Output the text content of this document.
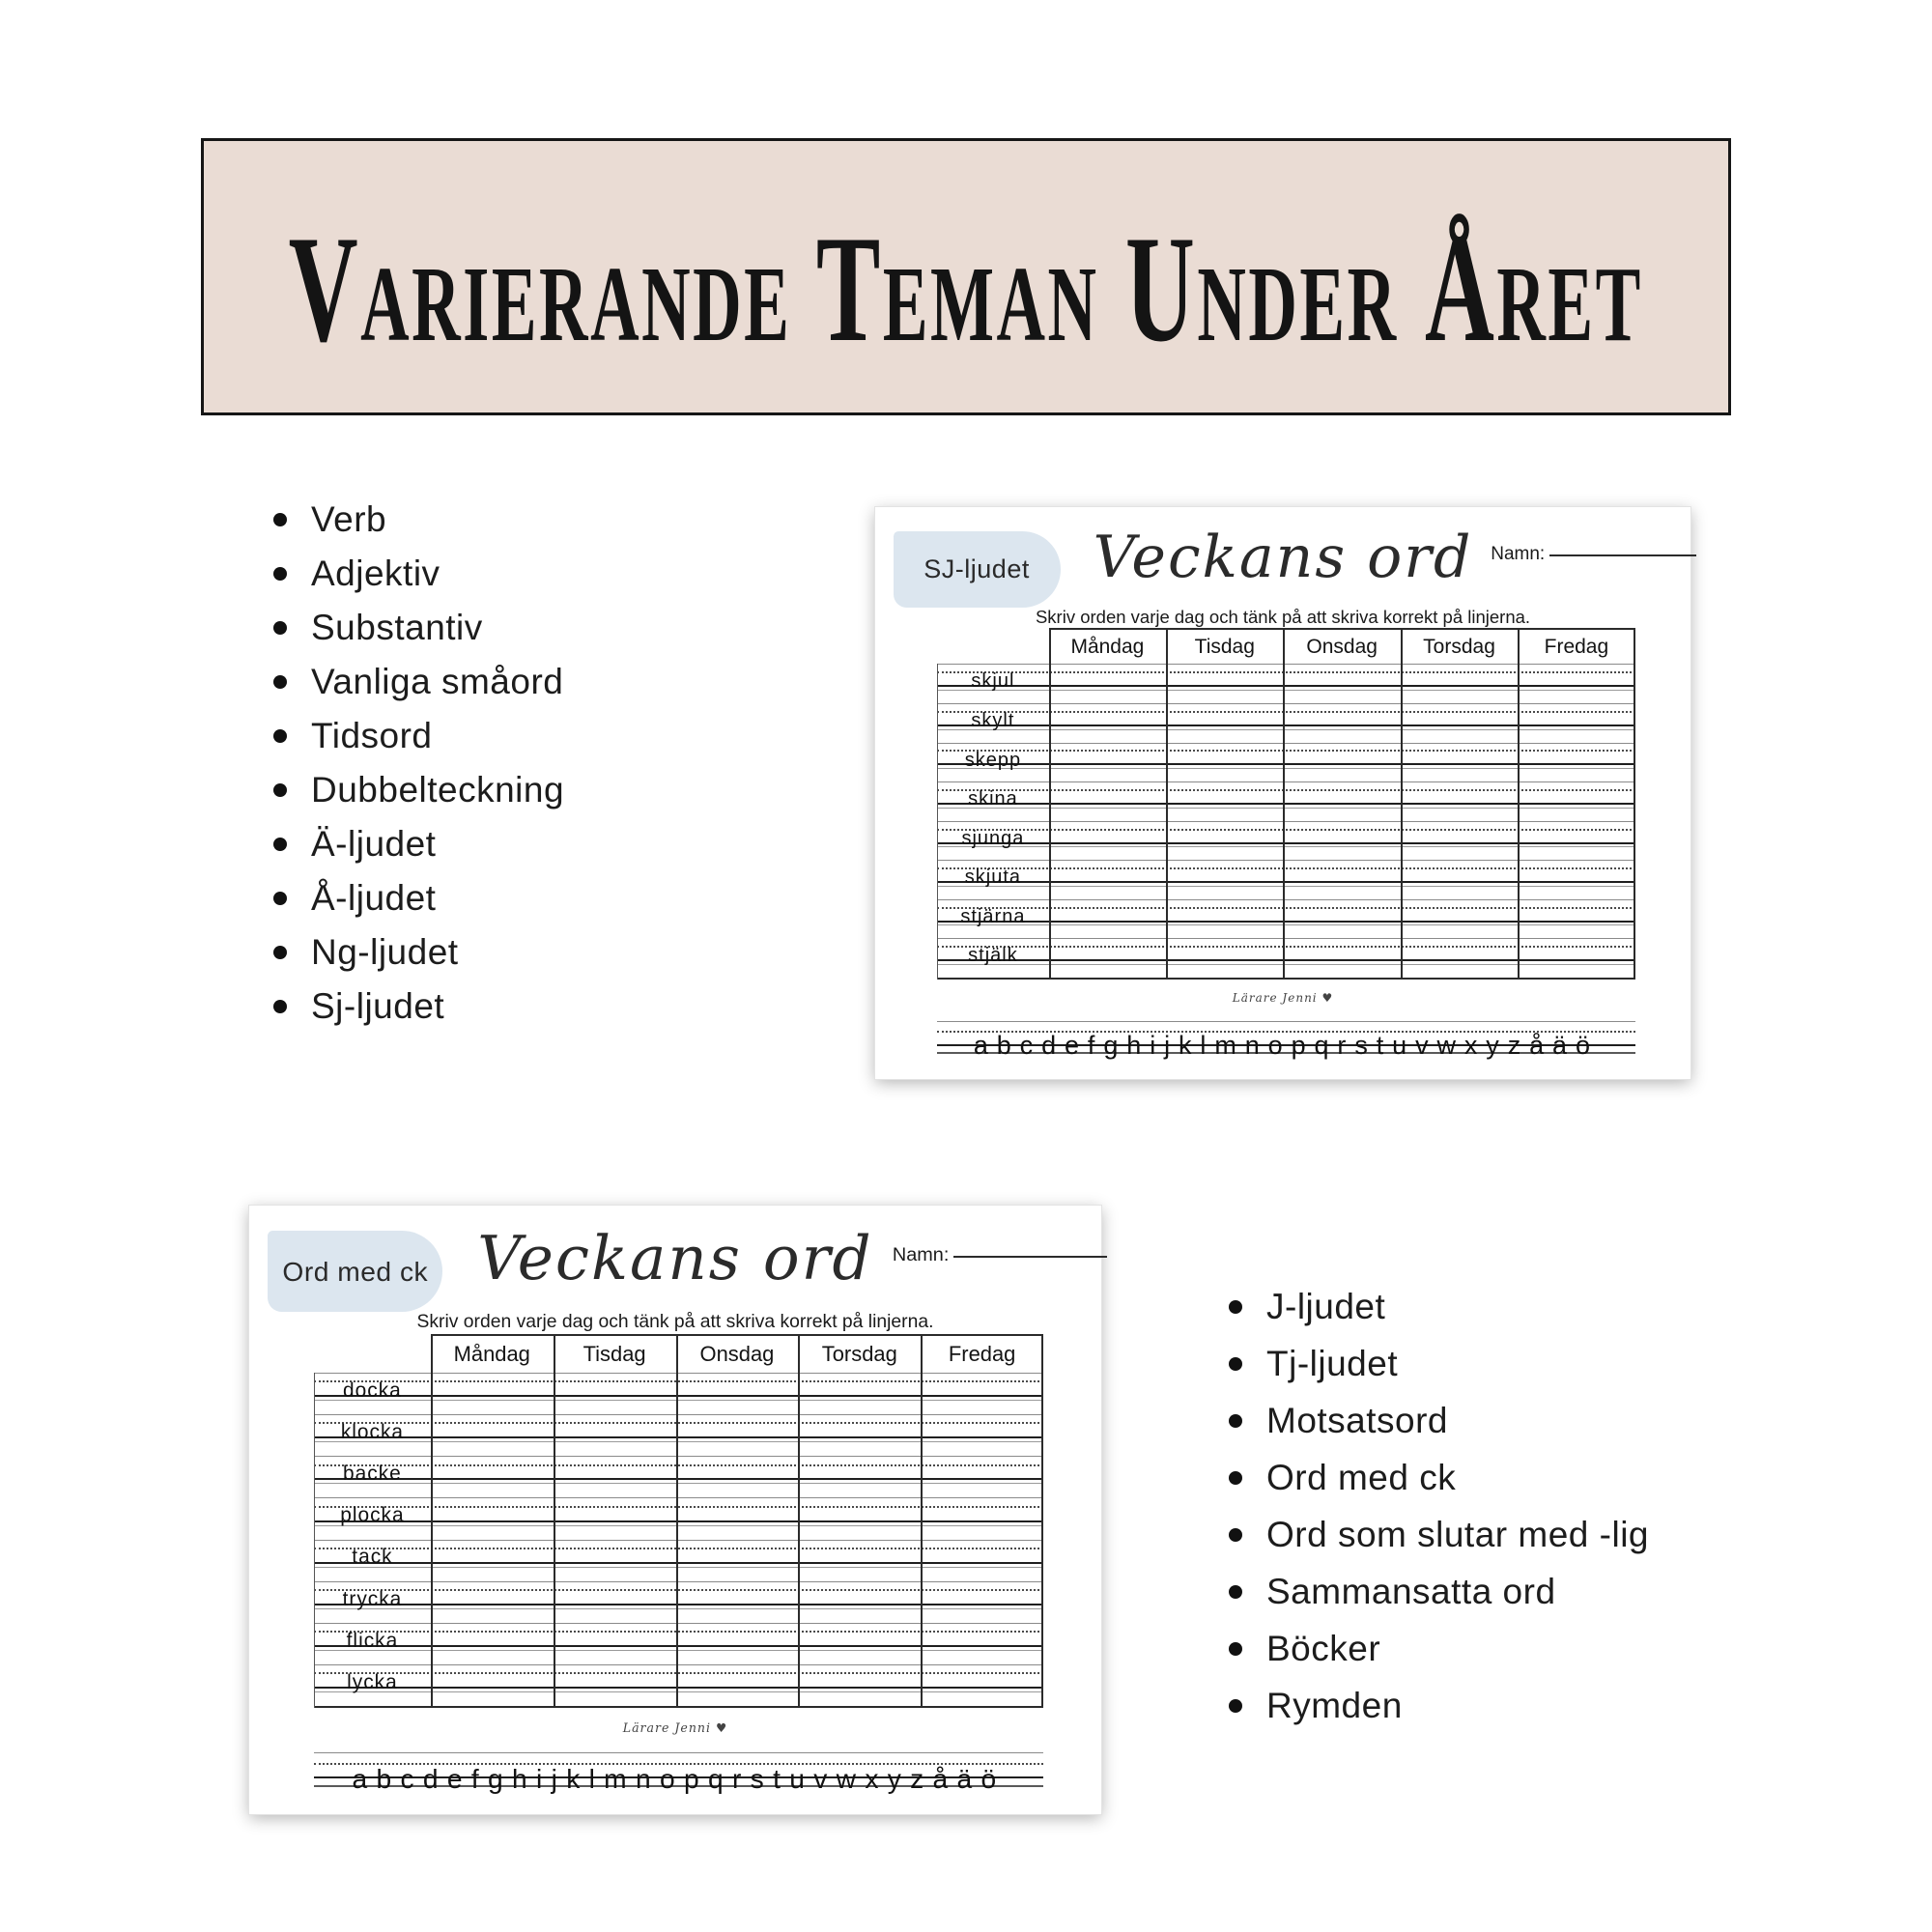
Varierande Teman Under Året
Verb
Adjektiv
Substantiv
Vanliga småord
Tidsord
Dubbelteckning
Ä-ljudet
Å-ljudet
Ng-ljudet
Sj-ljudet
J-ljudet
Tj-ljudet
Motsatsord
Ord med ck
Ord som slutar med -lig
Sammansatta ord
Böcker
Rymden
SJ-ljudet	Veckans ord Namn:
Skriv orden varje dag och tänk på att skriva korrekt på linjerna.
Måndag	Tisdag	Onsdag	Torsdag	Fredag
skjul
skylt
skepp
skina
sjunga
skjuta
stjärna
stjälk
Lärare Jenni ♥
abcdefghijklmnopqrstuvwxyzåäö
Ord med ck Veckans ord	Namn:
Skriv orden varje dag och tänk på att skriva korrekt på linjerna.
Måndag	Tisdag	Onsdag	Torsdag	Fredag
docka
klocka
backe
plocka
tack
trycka
flicka
lycka
Lärare Jenni ♥
abcdefghijklmnopqrstuvwxyzåäö
